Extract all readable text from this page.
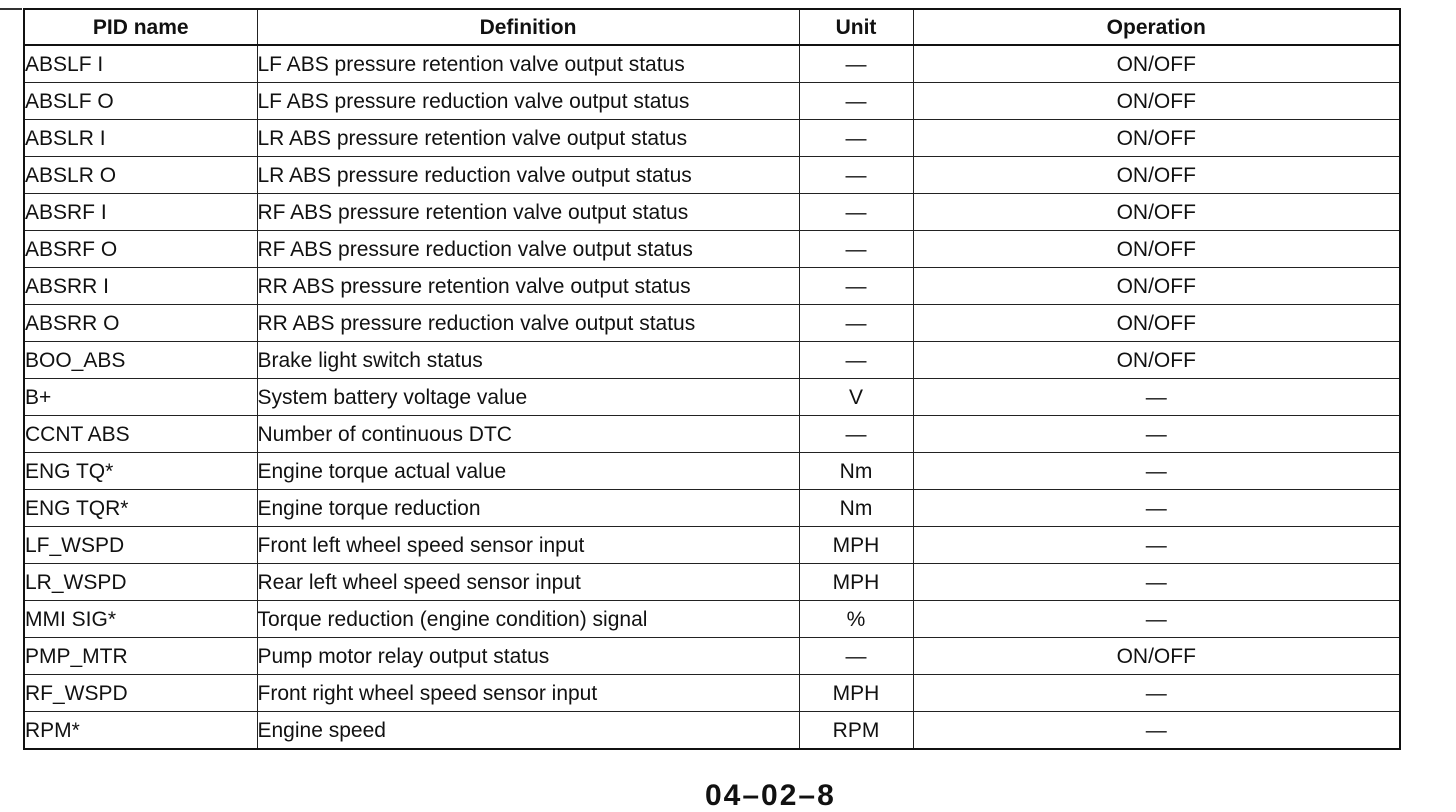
PID name	Definition	Unit	Operation
ABSLF I	LF ABS pressure retention valve output status	—	ON/OFF
ABSLF O	LF ABS pressure reduction valve output status	—	ON/OFF
ABSLR I	LR ABS pressure retention valve output status	—	ON/OFF
ABSLR O	LR ABS pressure reduction valve output status	—	ON/OFF
ABSRF I	RF ABS pressure retention valve output status	—	ON/OFF
ABSRF O	RF ABS pressure reduction valve output status	—	ON/OFF
ABSRR I	RR ABS pressure retention valve output status	—	ON/OFF
ABSRR O	RR ABS pressure reduction valve output status	—	ON/OFF
BOO_ABS	Brake light switch status	—	ON/OFF
B+	System battery voltage value	V	—
CCNT ABS	Number of continuous DTC	—	—
ENG TQ*	Engine torque actual value	Nm	—
ENG TQR*	Engine torque reduction	Nm	—
LF_WSPD	Front left wheel speed sensor input	MPH	—
LR_WSPD	Rear left wheel speed sensor input	MPH	—
MMI SIG*	Torque reduction (engine condition) signal	%	—
PMP_MTR	Pump motor relay output status	—	ON/OFF
RF_WSPD	Front right wheel speed sensor input	MPH	—
RPM*	Engine speed	RPM	—
04–02–8
